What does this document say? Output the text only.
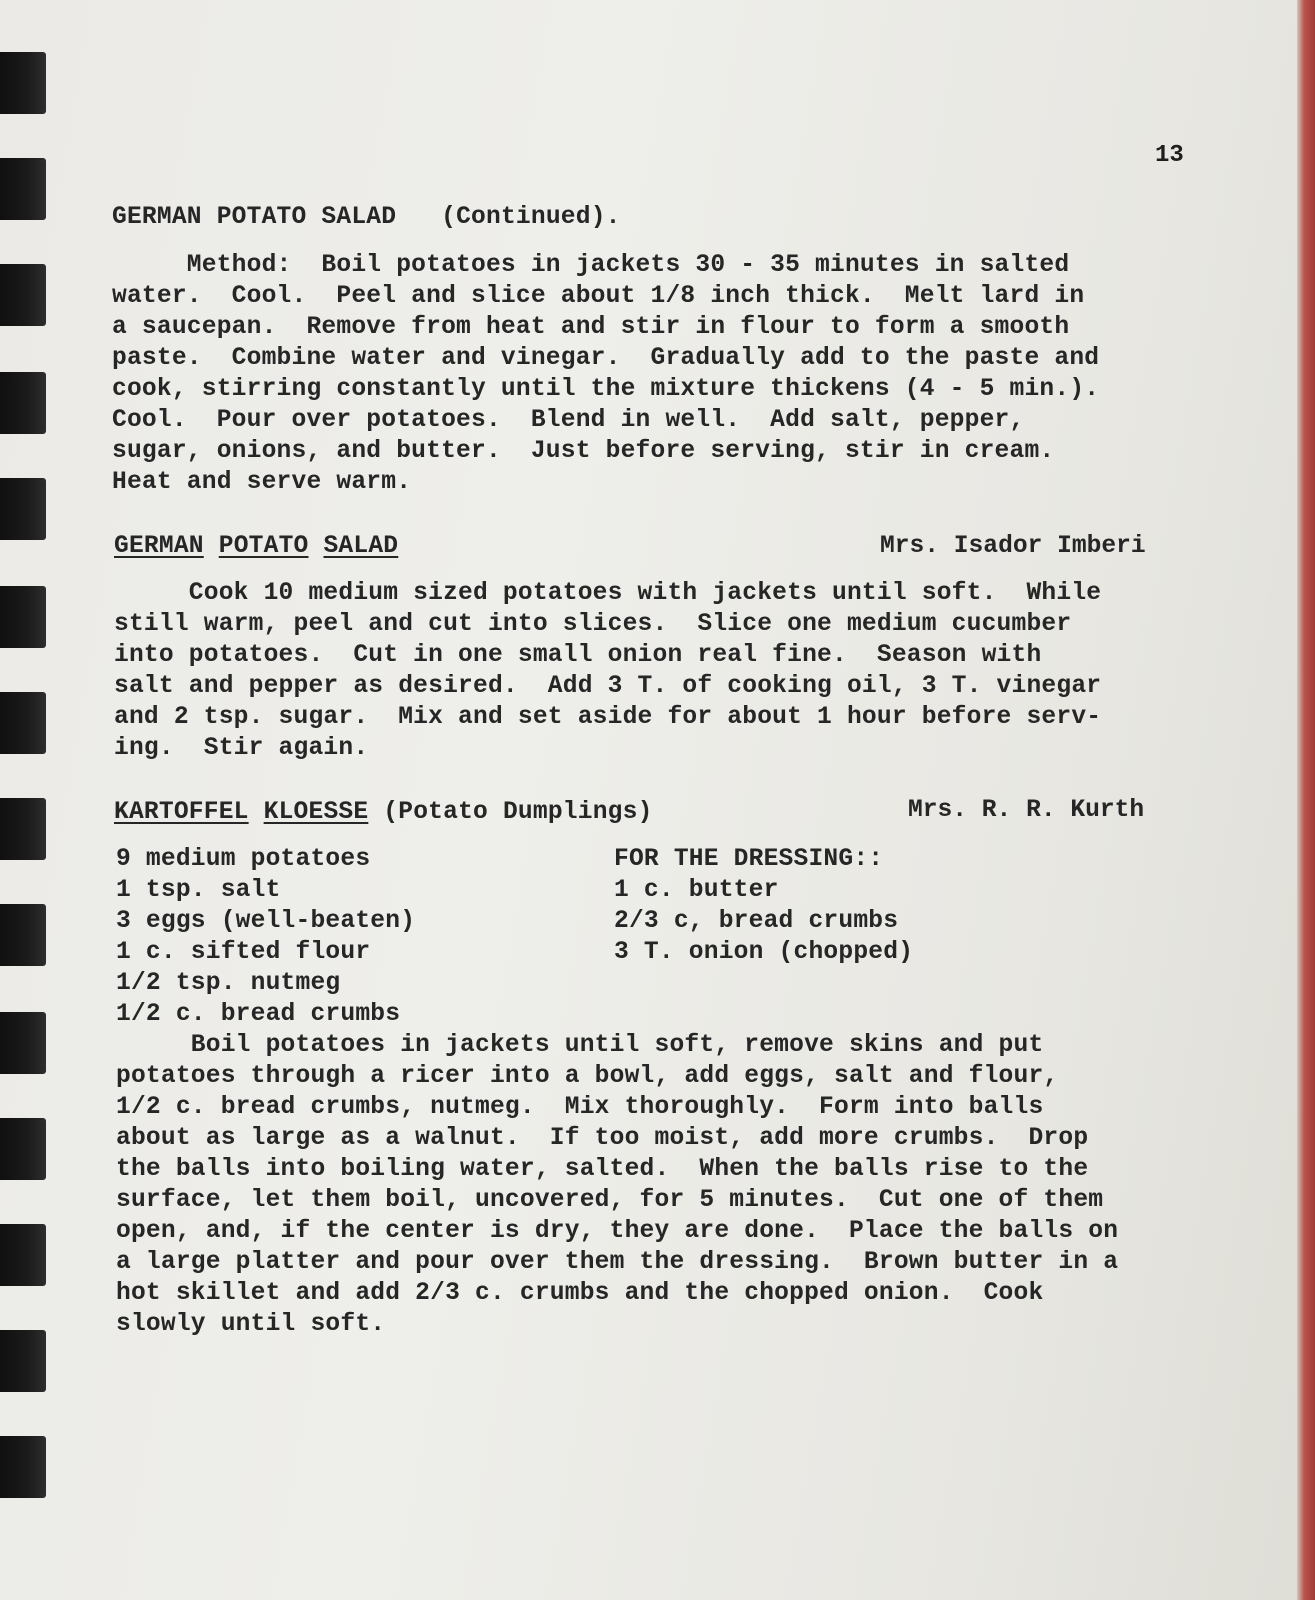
13
GERMAN POTATO SALAD (Continued).
Method:  Boil potatoes in jackets 30 - 35 minutes in salted
water.  Cool.  Peel and slice about 1/8 inch thick.  Melt lard in
a saucepan.  Remove from heat and stir in flour to form a smooth
paste.  Combine water and vinegar.  Gradually add to the paste and
cook, stirring constantly until the mixture thickens (4 - 5 min.).
Cool.  Pour over potatoes.  Blend in well.  Add salt, pepper,
sugar, onions, and butter.  Just before serving, stir in cream.
Heat and serve warm.
GERMAN POTATO SALAD	Mrs. Isador Imberi
Cook 10 medium sized potatoes with jackets until soft.  While
still warm, peel and cut into slices.  Slice one medium cucumber
into potatoes.  Cut in one small onion real fine.  Season with
salt and pepper as desired.  Add 3 T. of cooking oil, 3 T. vinegar
and 2 tsp. sugar.  Mix and set aside for about 1 hour before serv-
ing.  Stir again.
KARTOFFEL KLOESSE (Potato Dumplings)	Mrs. R. R. Kurth
9 medium potatoes
1 tsp. salt
3 eggs (well-beaten)
1 c. sifted flour
1/2 tsp. nutmeg
1/2 c. bread crumbs
FOR THE DRESSING::
1 c. butter
2/3 c, bread crumbs
3 T. onion (chopped)
Boil potatoes in jackets until soft, remove skins and put
potatoes through a ricer into a bowl, add eggs, salt and flour,
1/2 c. bread crumbs, nutmeg.  Mix thoroughly.  Form into balls
about as large as a walnut.  If too moist, add more crumbs.  Drop
the balls into boiling water, salted.  When the balls rise to the
surface, let them boil, uncovered, for 5 minutes.  Cut one of them
open, and, if the center is dry, they are done.  Place the balls on
a large platter and pour over them the dressing.  Brown butter in a
hot skillet and add 2/3 c. crumbs and the chopped onion.  Cook
slowly until soft.
